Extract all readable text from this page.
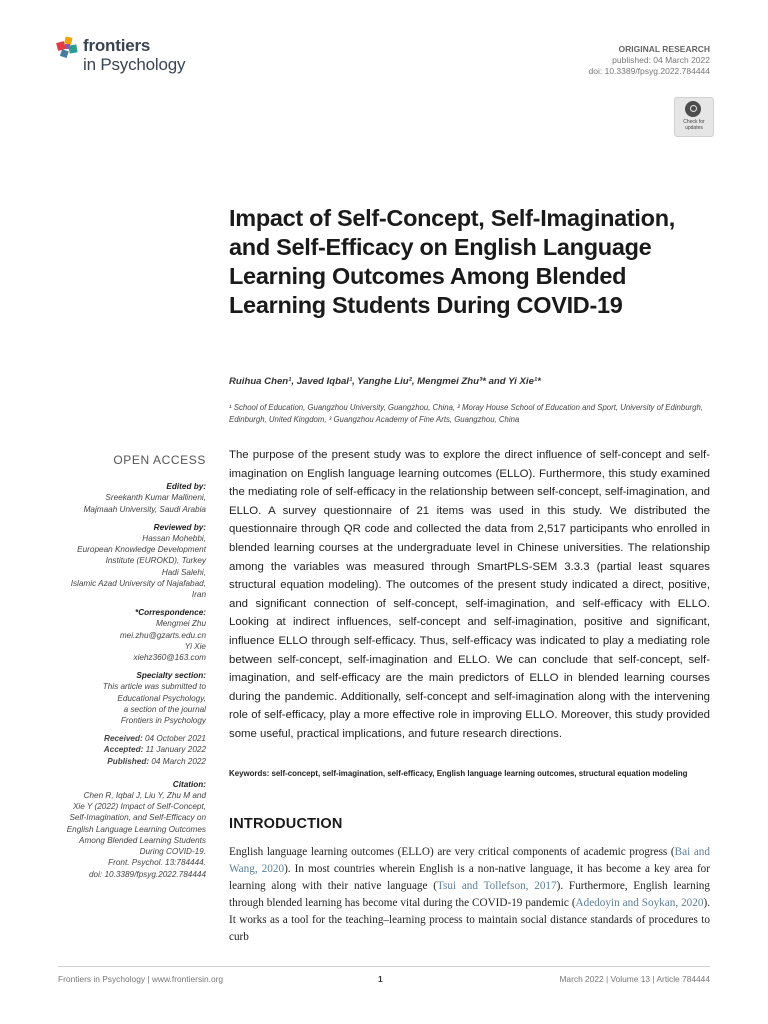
frontiers
in Psychology
ORIGINAL RESEARCH
published: 04 March 2022
doi: 10.3389/fpsyg.2022.784444
Check for
updates
Impact of Self-Concept, Self-Imagination, and Self-Efficacy on English Language Learning Outcomes Among Blended Learning Students During COVID-19
Ruihua Chen¹, Javed Iqbal¹, Yanghe Liu², Mengmei Zhu³* and Yi Xie¹*
¹ School of Education, Guangzhou University, Guangzhou, China, ² Moray House School of Education and Sport, University of Edinburgh, Edinburgh, United Kingdom, ³ Guangzhou Academy of Fine Arts, Guangzhou, China
OPEN ACCESS
Edited by:
Sreekanth Kumar Mallineni,
Majmaah University, Saudi Arabia
Reviewed by:
Hassan Mohebbi,
European Knowledge Development
Institute (EUROKD), Turkey
Hadi Salehi,
Islamic Azad University of Najafabad,
Iran
*Correspondence:
Mengmei Zhu
mei.zhu@gzarts.edu.cn
Yi Xie
xiehz360@163.com
Specialty section:
This article was submitted to
Educational Psychology,
a section of the journal
Frontiers in Psychology
Received: 04 October 2021
Accepted: 11 January 2022
Published: 04 March 2022
Citation:
Chen R, Iqbal J, Liu Y, Zhu M and
Xie Y (2022) Impact of Self-Concept,
Self-Imagination, and Self-Efficacy on
English Language Learning Outcomes
Among Blended Learning Students
During COVID-19.
Front. Psychol. 13:784444.
doi: 10.3389/fpsyg.2022.784444

The purpose of the present study was to explore the direct influence of self-concept and self-imagination on English language learning outcomes (ELLO). Furthermore, this study examined the mediating role of self-efficacy in the relationship between self-concept, self-imagination, and ELLO. A survey questionnaire of 21 items was used in this study. We distributed the questionnaire through QR code and collected the data from 2,517 participants who enrolled in blended learning courses at the undergraduate level in Chinese universities. The relationship among the variables was measured through SmartPLS-SEM 3.3.3 (partial least squares structural equation modeling). The outcomes of the present study indicated a direct, positive, and significant connection of self-concept, self-imagination, and self-efficacy with ELLO. Looking at indirect influences, self-concept and self-imagination, positive and significant, influence ELLO through self-efficacy. Thus, self-efficacy was indicated to play a mediating role between self-concept, self-imagination and ELLO. We can conclude that self-concept, self-imagination, and self-efficacy are the main predictors of ELLO in blended learning courses during the pandemic. Additionally, self-concept and self-imagination along with the intervening role of self-efficacy, play a more effective role in improving ELLO. Moreover, this study provided some useful, practical implications, and future research directions.

Keywords: self-concept, self-imagination, self-efficacy, English language learning outcomes, structural equation modeling
INTRODUCTION

English language learning outcomes (ELLO) are very critical components of academic progress (Bai and Wang, 2020). In most countries wherein English is a non-native language, it has become a key area for learning along with their native language (Tsui and Tollefson, 2017). Furthermore, English learning through blended learning has become vital during the COVID-19 pandemic (Adedoyin and Soykan, 2020). It works as a tool for the teaching–learning process to maintain social distance standards of procedures to curb

Frontiers in Psychology | www.frontiersin.org	1	March 2022 | Volume 13 | Article 784444
